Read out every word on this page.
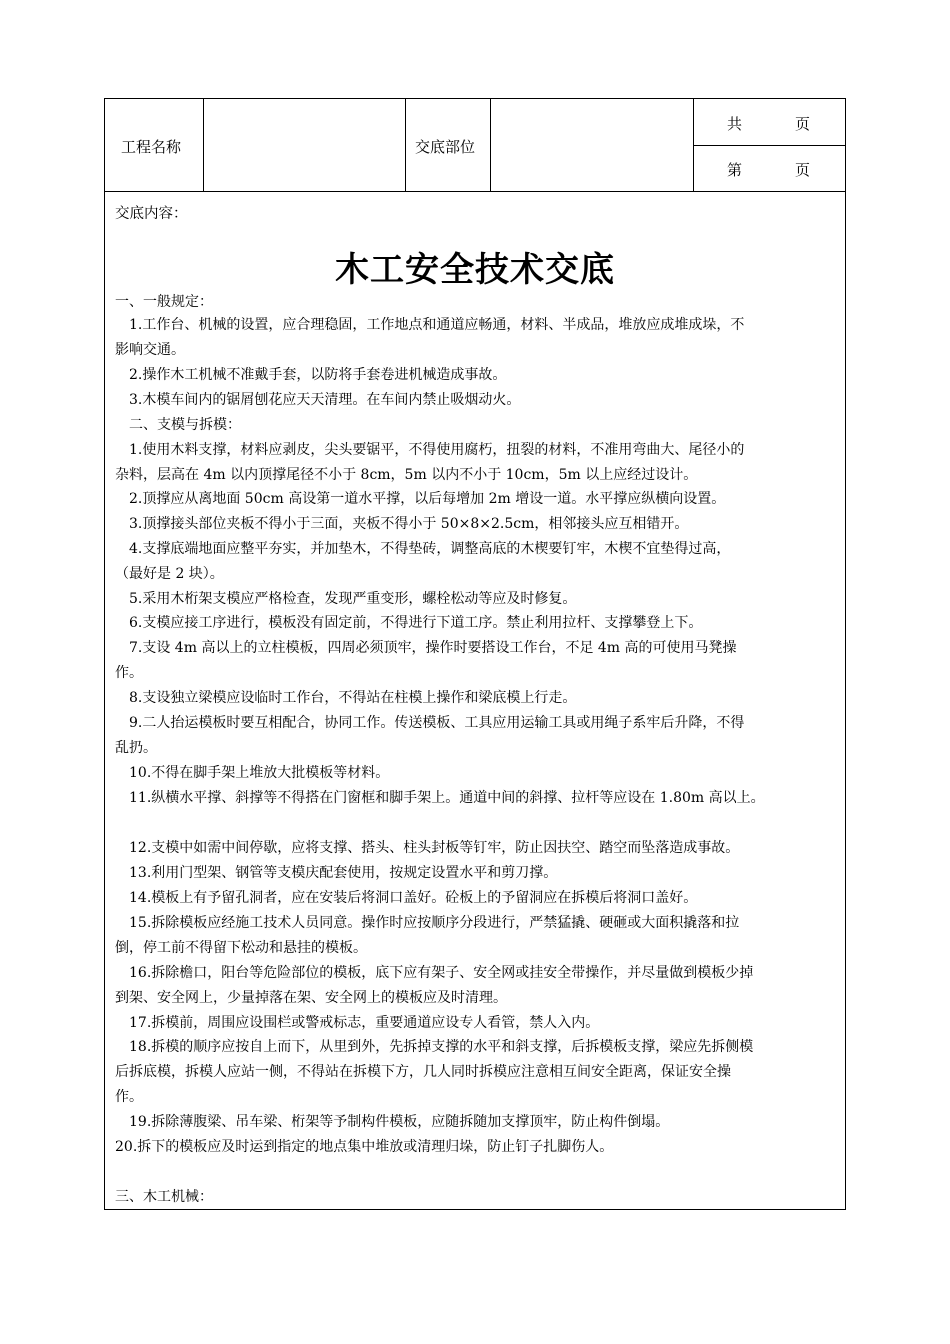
工程名称	交底部位
共	页
第	页
交底内容：
木工安全技术交底
一、一般规定：
　1.工作台、机械的设置，应合理稳固，工作地点和通道应畅通，材料、半成品，堆放应成堆成垛，不
影响交通。
　2.操作木工机械不准戴手套，以防将手套卷进机械造成事故。
　3.木模车间内的锯屑刨花应天天清理。在车间内禁止吸烟动火。
　二、支模与拆模：
　1.使用木料支撑，材料应剥皮，尖头要锯平，不得使用腐朽，扭裂的材料，不准用弯曲大、尾径小的
杂料，层高在 4m 以内顶撑尾径不小于 8cm，5m 以内不小于 10cm，5m 以上应经过设计。
　2.顶撑应从离地面 50cm 高设第一道水平撑，以后每增加 2m 增设一道。水平撑应纵横向设置。
　3.顶撑接头部位夹板不得小于三面，夹板不得小于 50×8×2.5cm，相邻接头应互相错开。
　4.支撑底端地面应整平夯实，并加垫木，不得垫砖，调整高底的木楔要钉牢，木楔不宜垫得过高，
（最好是 2 块）。
　5.采用木桁架支模应严格检查，发现严重变形，螺栓松动等应及时修复。
　6.支模应接工序进行，模板没有固定前，不得进行下道工序。禁止利用拉杆、支撑攀登上下。
　7.支设 4m 高以上的立柱模板，四周必须顶牢，操作时要搭设工作台，不足 4m 高的可使用马凳操
作。
　8.支设独立梁模应设临时工作台，不得站在柱模上操作和梁底模上行走。
　9.二人抬运模板时要互相配合，协同工作。传送模板、工具应用运输工具或用绳子系牢后升降，不得
乱扔。
　10.不得在脚手架上堆放大批模板等材料。
　11.纵横水平撑、斜撑等不得搭在门窗框和脚手架上。通道中间的斜撑、拉杆等应设在 1.80m 高以上。
　12.支模中如需中间停歇，应将支撑、搭头、柱头封板等钉牢，防止因扶空、踏空而坠落造成事故。
　13.利用门型架、钢管等支模庆配套使用，按规定设置水平和剪刀撑。
　14.模板上有予留孔洞者，应在安装后将洞口盖好。砼板上的予留洞应在拆模后将洞口盖好。
　15.拆除模板应经施工技术人员同意。操作时应按顺序分段进行，严禁猛撬、硬砸或大面积撬落和拉
倒，停工前不得留下松动和悬挂的模板。
　16.拆除檐口，阳台等危险部位的模板，底下应有架子、安全网或挂安全带操作，并尽量做到模板少掉
到架、安全网上，少量掉落在架、安全网上的模板应及时清理。
　17.拆模前，周围应设围栏或警戒标志，重要通道应设专人看管，禁人入内。
　18.拆模的顺序应按自上而下，从里到外，先拆掉支撑的水平和斜支撑，后拆模板支撑，梁应先拆侧模
后拆底模，拆模人应站一侧，不得站在拆模下方，几人同时拆模应注意相互间安全距离，保证安全操
作。
　19.拆除薄腹梁、吊车梁、桁架等予制构件模板，应随拆随加支撑顶牢，防止构件倒塌。
20.拆下的模板应及时运到指定的地点集中堆放或清理归垛，防止钉子扎脚伤人。
三、木工机械：
